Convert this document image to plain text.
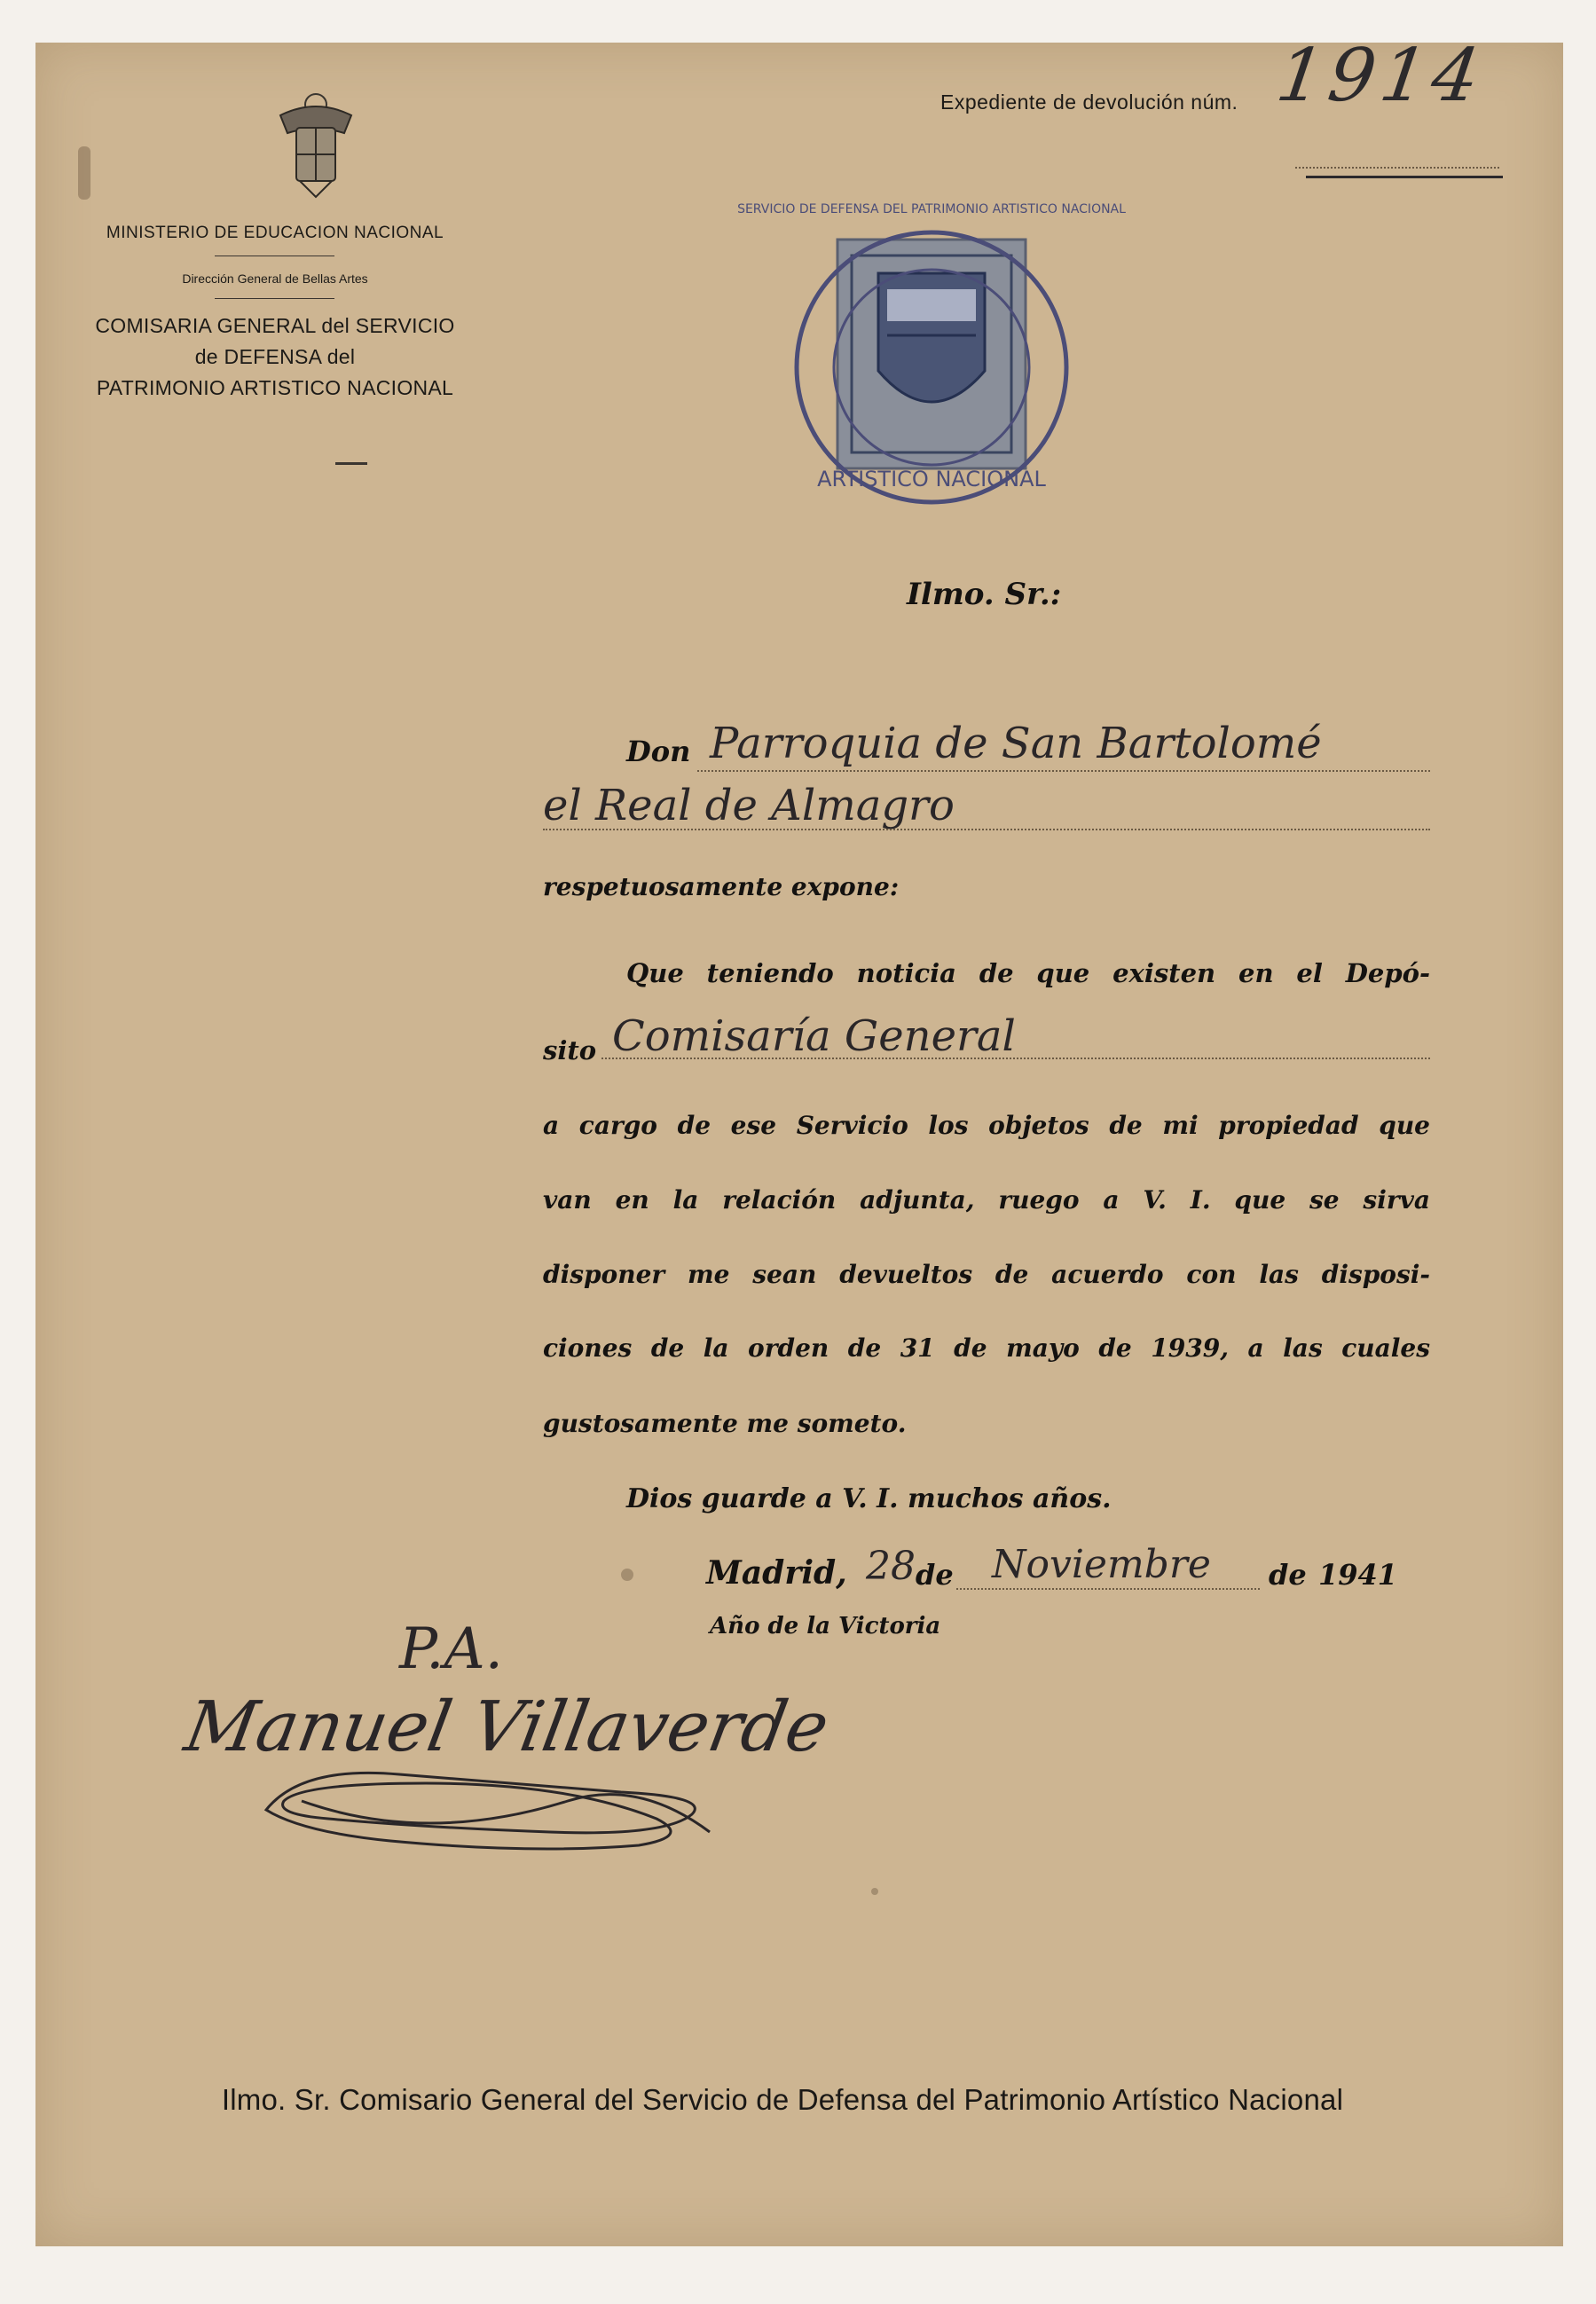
MINISTERIO DE EDUCACION NACIONAL
Dirección General de Bellas Artes
COMISARIA GENERAL del SERVICIO
de DEFENSA del
PATRIMONIO ARTISTICO NACIONAL
Expediente de devolución núm. 1914
ARTISTICO NACIONAL
SERVICIO DE DEFENSA DEL PATRIMONIO ARTISTICO NACIONAL
Ilmo. Sr.:
Don Parroquia de San Bartolomé
el Real de Almagro
respetuosamente expone:
Que teniendo noticia de que existen en el Depó-
sito Comisaría General
a cargo de ese Servicio los objetos de mi propiedad que
van en la relación adjunta, ruego a V. I. que se sirva
disponer me sean devueltos de acuerdo con las disposi-
ciones de la orden de 31 de mayo de 1939, a las cuales
gustosamente me someto.
Dios guarde a V. I. muchos años.
Madrid, 28 de Noviembre de 1941
Año de la Victoria
P.A.
Manuel Villaverde
Ilmo. Sr. Comisario General del Servicio de Defensa del Patrimonio Artístico Nacional
